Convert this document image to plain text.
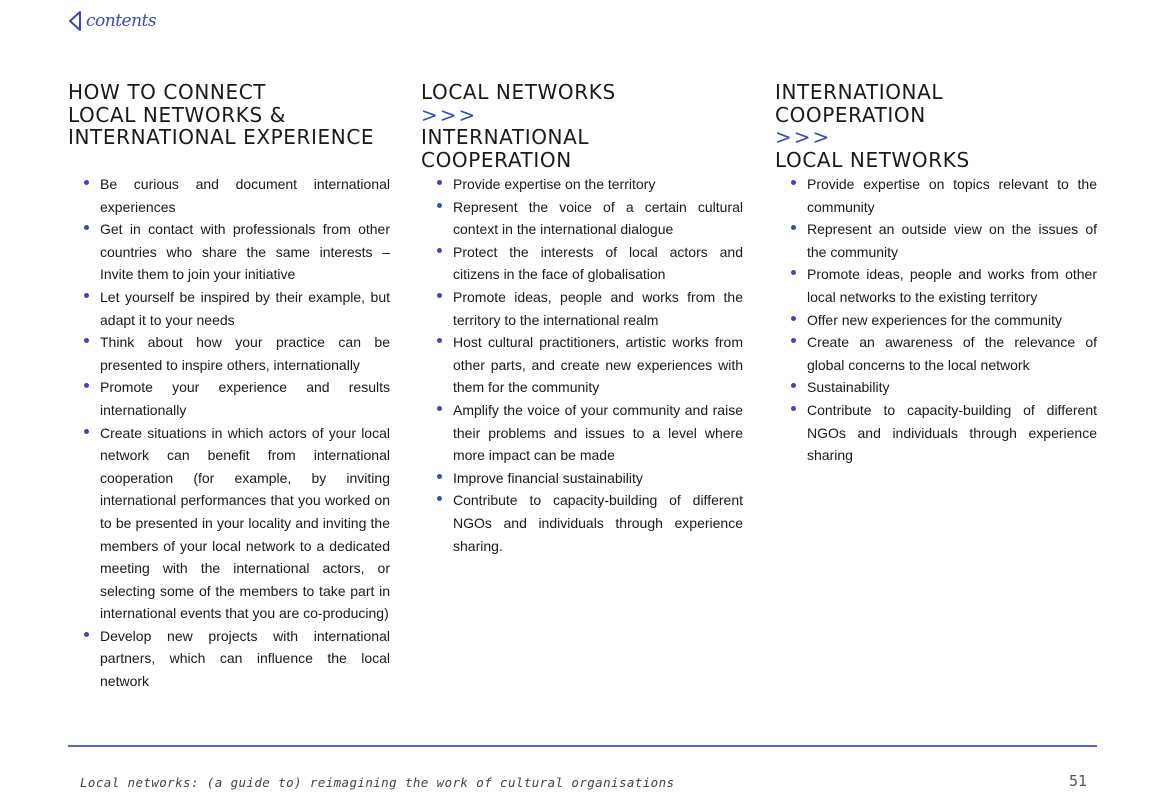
contents
HOW TO CONNECT
LOCAL NETWORKS &
INTERNATIONAL EXPERIENCE
Be curious and document international experiences
Get in contact with professionals from other countries who share the same interests – Invite them to join your initiative
Let yourself be inspired by their example, but adapt it to your needs
Think about how your practice can be presented to inspire others, internationally
Promote your experience and results internationally
Create situations in which actors of your local network can benefit from international cooperation (for example, by inviting international performances that you worked on to be presented in your locality and inviting the members of your local network to a dedicated meeting with the international actors, or selecting some of the members to take part in international events that you are co-producing)
Develop new projects with international partners, which can influence the local network
LOCAL NETWORKS
>>>
INTERNATIONAL
COOPERATION
Provide expertise on the territory
Represent the voice of a certain cultural context in the international dialogue
Protect the interests of local actors and citizens in the face of globalisation
Promote ideas, people and works from the territory to the international realm
Host cultural practitioners, artistic works from other parts, and create new experiences with them for the community
Amplify the voice of your community and raise their problems and issues to a level where more impact can be made
Improve financial sustainability
Contribute to capacity-building of different NGOs and individuals through experience sharing.
INTERNATIONAL
COOPERATION
>>>
LOCAL NETWORKS
Provide expertise on topics relevant to the community
Represent an outside view on the issues of the community
Promote ideas, people and works from other local networks to the existing territory
Offer new experiences for the community
Create an awareness of the relevance of global concerns to the local network
Sustainability
Contribute to capacity-building of different NGOs and individuals through experience sharing
Local networks: (a guide to) reimagining the work of cultural organisations	51
